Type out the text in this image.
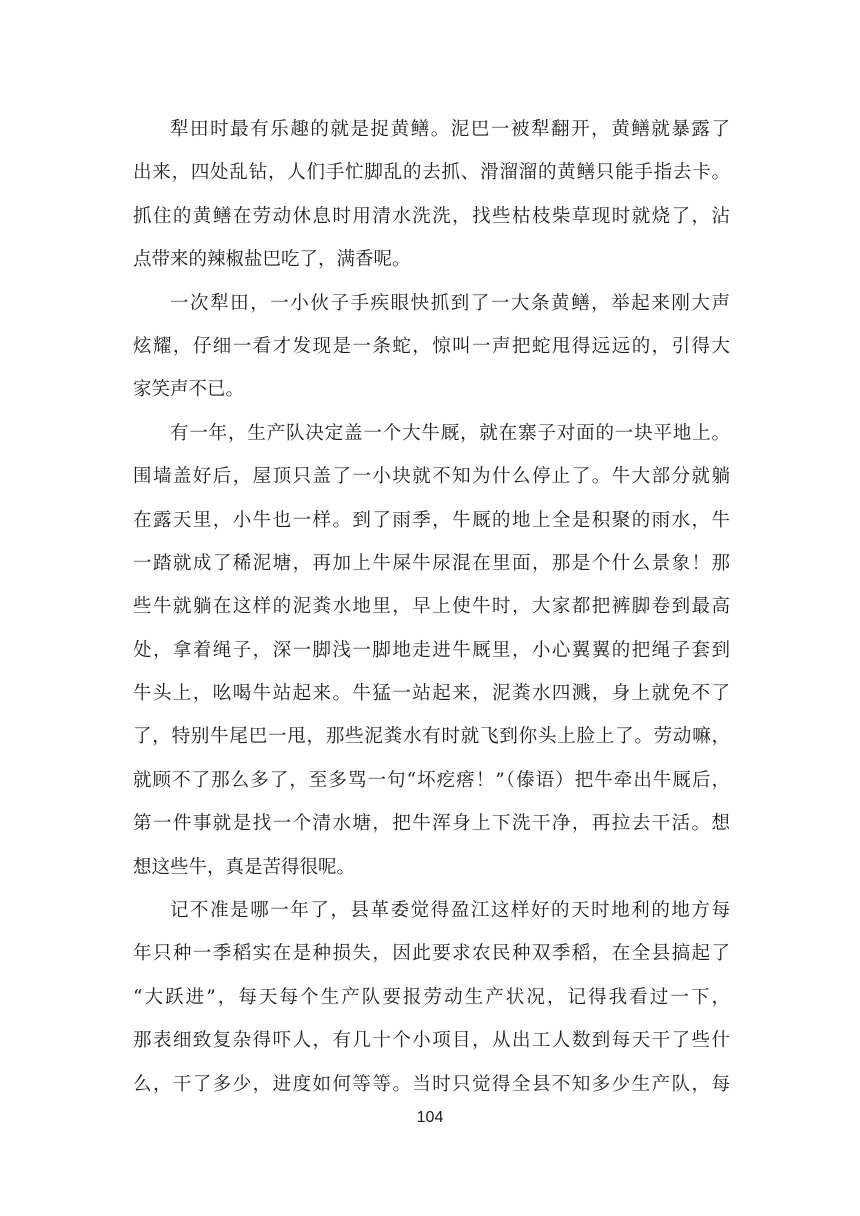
犁田时最有乐趣的就是捉黄鳝。泥巴一被犁翻开，黄鳝就暴露了
出来，四处乱钻，人们手忙脚乱的去抓、滑溜溜的黄鳝只能手指去卡。
抓住的黄鳝在劳动休息时用清水洗洗，找些枯枝柴草现时就烧了，沾
点带来的辣椒盐巴吃了，满香呢。
一次犁田，一小伙子手疾眼快抓到了一大条黄鳝，举起来刚大声
炫耀，仔细一看才发现是一条蛇，惊叫一声把蛇甩得远远的，引得大
家笑声不已。
有一年，生产队决定盖一个大牛厩，就在寨子对面的一块平地上。
围墙盖好后，屋顶只盖了一小块就不知为什么停止了。牛大部分就躺
在露天里，小牛也一样。到了雨季，牛厩的地上全是积聚的雨水，牛
一踏就成了稀泥塘，再加上牛屎牛尿混在里面，那是个什么景象！那
些牛就躺在这样的泥粪水地里，早上使牛时，大家都把裤脚卷到最高
处，拿着绳子，深一脚浅一脚地走进牛厩里，小心翼翼的把绳子套到
牛头上，吆喝牛站起来。牛猛一站起来，泥粪水四溅，身上就免不了
了，特别牛尾巴一甩，那些泥粪水有时就飞到你头上脸上了。劳动嘛，
就顾不了那么多了，至多骂一句“坏疙瘩！”（傣语）把牛牵出牛厩后，
第一件事就是找一个清水塘，把牛浑身上下洗干净，再拉去干活。想
想这些牛，真是苦得很呢。
记不准是哪一年了，县革委觉得盈江这样好的天时地利的地方每
年只种一季稻实在是种损失，因此要求农民种双季稻，在全县搞起了
“大跃进”，每天每个生产队要报劳动生产状况，记得我看过一下，
那表细致复杂得吓人，有几十个小项目，从出工人数到每天干了些什
么，干了多少，进度如何等等。当时只觉得全县不知多少生产队，每
104
